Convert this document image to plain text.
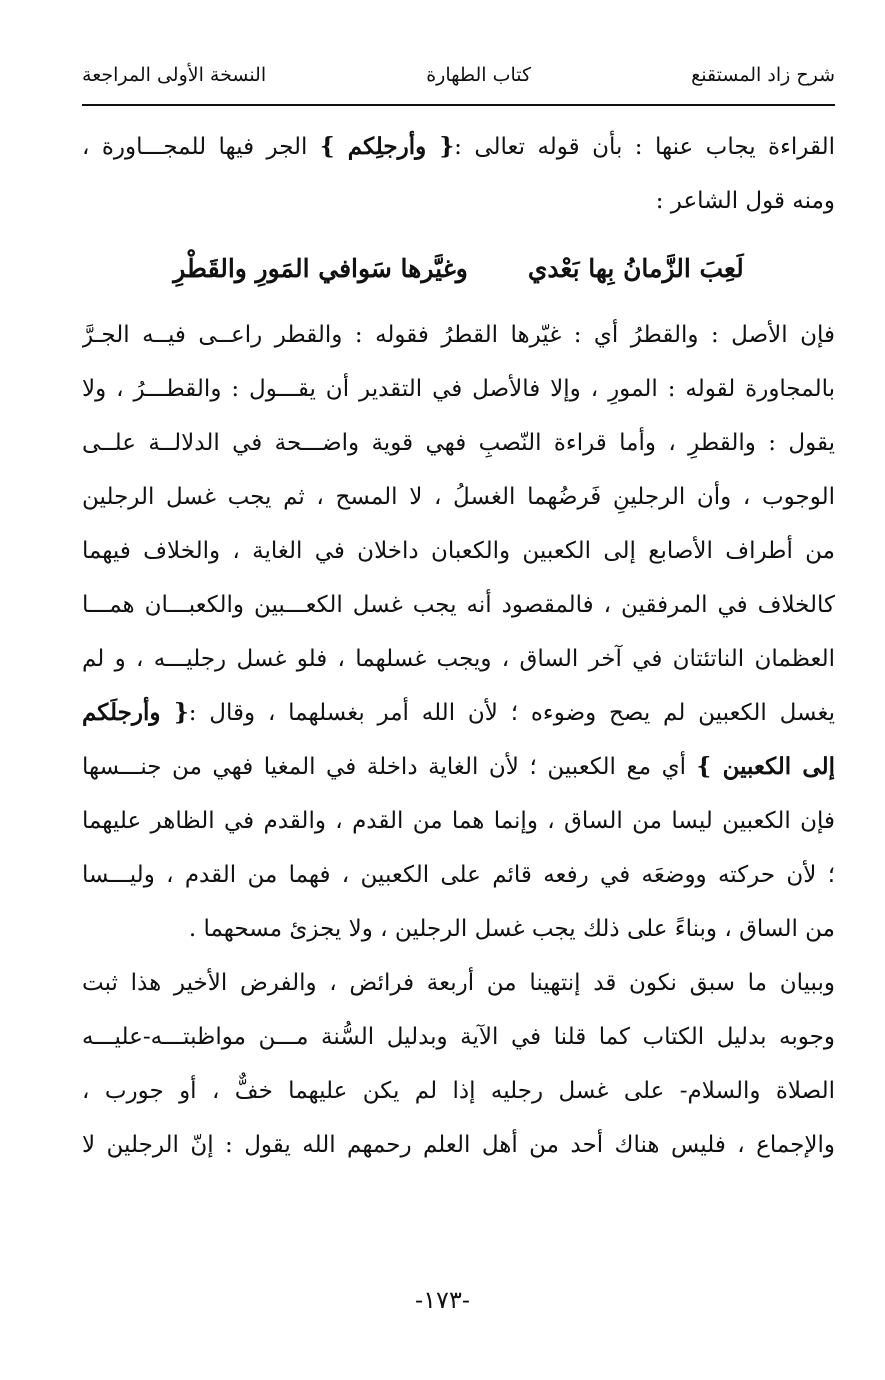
النسخة الأولى المراجعة	كتاب الطهارة	شرح زاد المستقنع
القراءة يجاب عنها : بأن قوله تعالى :{ وأرجلِكم } الجر فيها للمجـــاورة ،
ومنه قول الشاعر :
لَعِبَ الزَّمانُ بِها بَعْدي
وغيَّرها سَوافي المَورِ والقَطْرِ
فإن الأصل : والقطرُ أي : غيّرها القطرُ فقوله : والقطر راعــى فيــه الجـرَّ
بالمجاورة لقوله : المورِ ، وإلا فالأصل في التقدير أن يقـــول : والقطـــرُ ، ولا
يقول : والقطرِ ، وأما قراءة النّصبِ فهي قوية واضـــحة في الدلالــة علــى
الوجوب ، وأن الرجلينِ فَرضُهما الغسلُ ، لا المسح ، ثم يجب غسل الرجلين
من أطراف الأصابع إلى الكعبين والكعبان داخلان في الغاية ، والخلاف فيهما
كالخلاف في المرفقين ، فالمقصود أنه يجب غسل الكعـــبين والكعبـــان همـــا
العظمان الناتئتان في آخر الساق ، ويجب غسلهما ، فلو غسل رجليـــه ، و لم
يغسل الكعبين لم يصح وضوءه ؛ لأن الله أمر بغسلهما ، وقال :{ وأرجلَكم
إلى الكعبين } أي مع الكعبين ؛ لأن الغاية داخلة في المغيا فهي من جنـــسها
فإن الكعبين ليسا من الساق ، وإنما هما من القدم ، والقدم في الظاهر عليهما
؛ لأن حركته ووضعَه في رفعه قائم على الكعبين ، فهما من القدم ، وليـــسا
من الساق ، وبناءً على ذلك يجب غسل الرجلين ، ولا يجزئ مسحهما .
وببيان ما سبق نكون قد إنتهينا من أربعة فرائض ، والفرض الأخير هذا ثبت
وجوبه بدليل الكتاب كما قلنا في الآية وبدليل السُّنة مـــن مواظبتـــه-عليـــه
الصلاة والسلام- على غسل رجليه إذا لم يكن عليهما خفٌّ ، أو جورب ،
والإجماع ، فليس هناك أحد من أهل العلم رحمهم الله يقول : إنّ الرجلين لا
-١٧٣-
